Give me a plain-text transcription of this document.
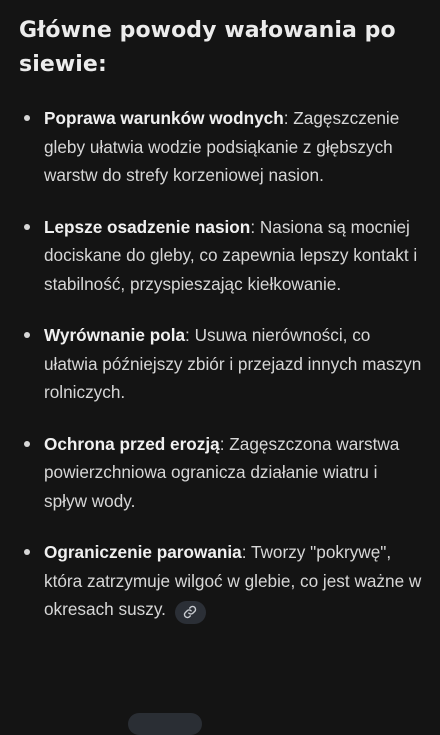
Główne powody wałowania po siewie:
Poprawa warunków wodnych: Zagęszczenie gleby ułatwia wodzie podsiąkanie z głębszych warstw do strefy korzeniowej nasion.
Lepsze osadzenie nasion: Nasiona są mocniej dociskane do gleby, co zapewnia lepszy kontakt i stabilność, przyspieszając kiełkowanie.
Wyrównanie pola: Usuwa nierówności, co ułatwia późniejszy zbiór i przejazd innych maszyn rolniczych.
Ochrona przed erozją: Zagęszczona warstwa powierzchniowa ogranicza działanie wiatru i spływ wody.
Ograniczenie parowania: Tworzy "pokrywę", która zatrzymuje wilgoć w glebie, co jest ważne w okresach suszy.
